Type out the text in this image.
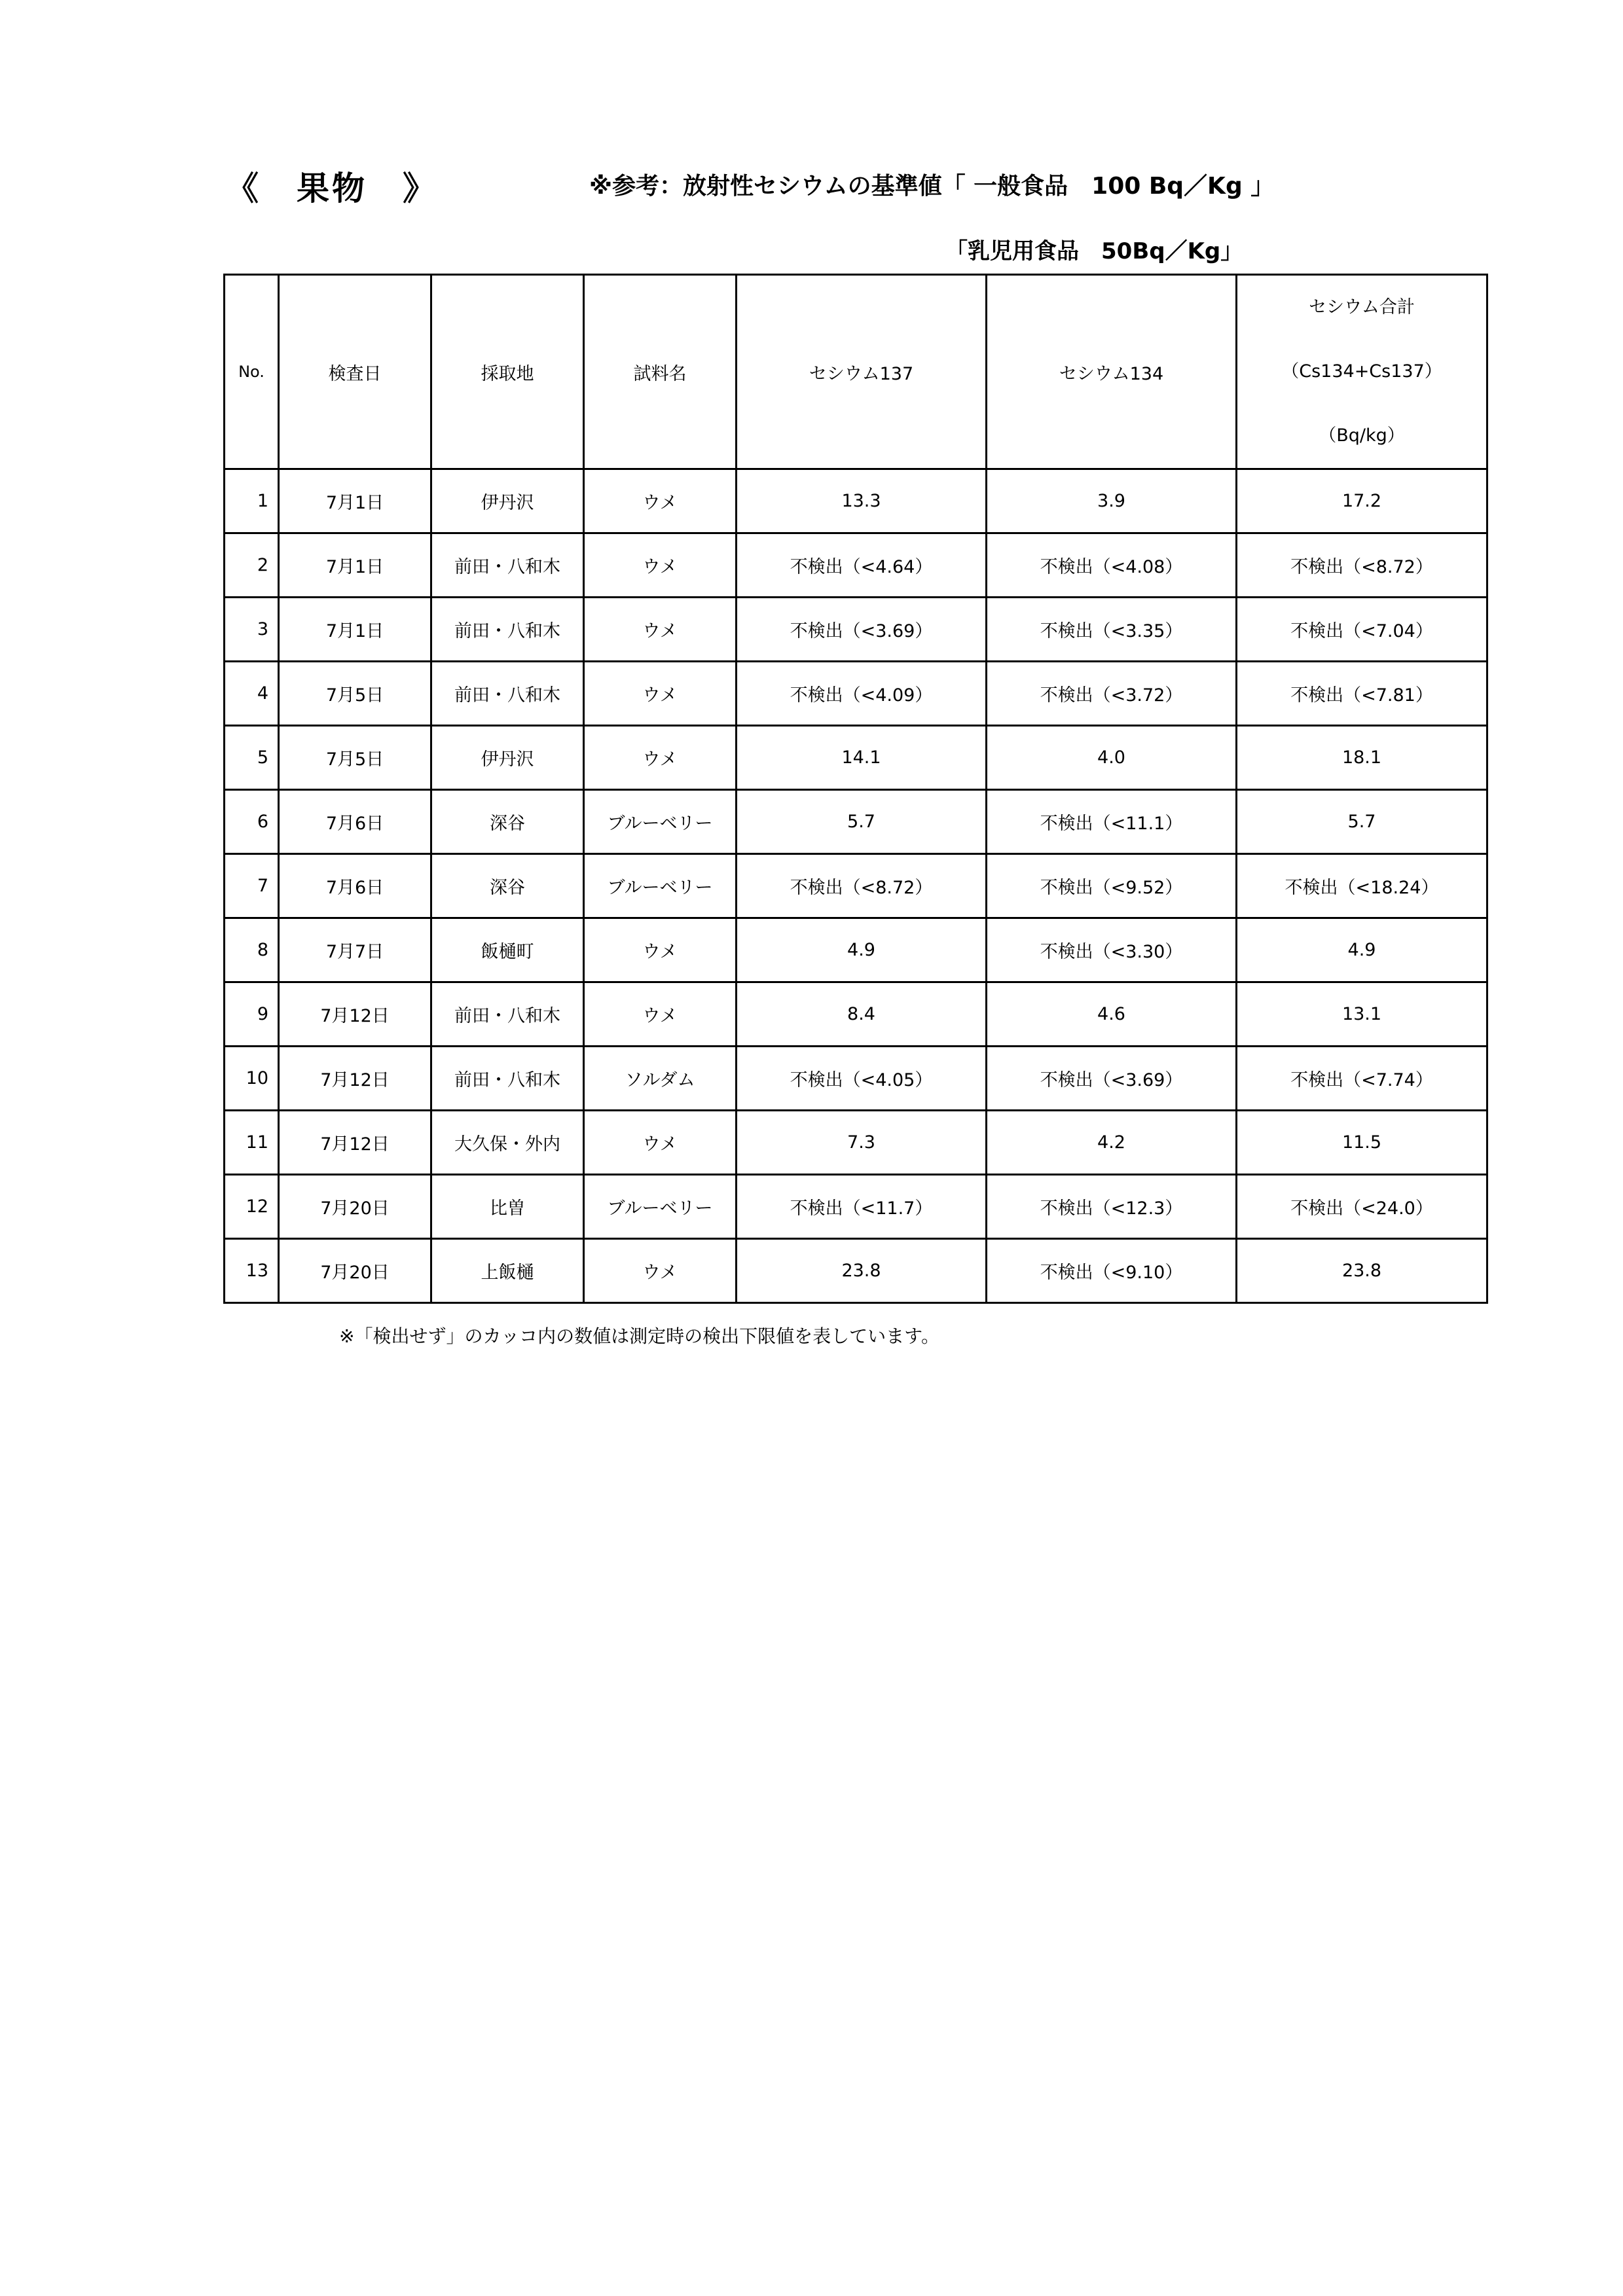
《　果物　》	※参考：放射性セシウムの基準値「 一般食品　100 Bq／Kg 」
「乳児用食品　50Bq／Kg」
No.	検査日	採取地	試料名	セシウム137	セシウム134	セシウム合計
（Cs134+Cs137）
（Bq/kg）

1	7月1日	伊丹沢	ウメ	13.3	3.9	17.2
2	7月1日	前田・八和木	ウメ	不検出（<4.64）	不検出（<4.08）	不検出（<8.72）
3	7月1日	前田・八和木	ウメ	不検出（<3.69）	不検出（<3.35）	不検出（<7.04）
4	7月5日	前田・八和木	ウメ	不検出（<4.09）	不検出（<3.72）	不検出（<7.81）
5	7月5日	伊丹沢	ウメ	14.1	4.0	18.1
6	7月6日	深谷	ブルーベリー	5.7	不検出（<11.1）	5.7
7	7月6日	深谷	ブルーベリー	不検出（<8.72）	不検出（<9.52）	不検出（<18.24）
8	7月7日	飯樋町	ウメ	4.9	不検出（<3.30）	4.9
9	7月12日	前田・八和木	ウメ	8.4	4.6	13.1
10	7月12日	前田・八和木	ソルダム	不検出（<4.05）	不検出（<3.69）	不検出（<7.74）
11	7月12日	大久保・外内	ウメ	7.3	4.2	11.5
12	7月20日	比曽	ブルーベリー	不検出（<11.7）	不検出（<12.3）	不検出（<24.0）
13	7月20日	上飯樋	ウメ	23.8	不検出（<9.10）	23.8
※「検出せず」のカッコ内の数値は測定時の検出下限値を表しています。
